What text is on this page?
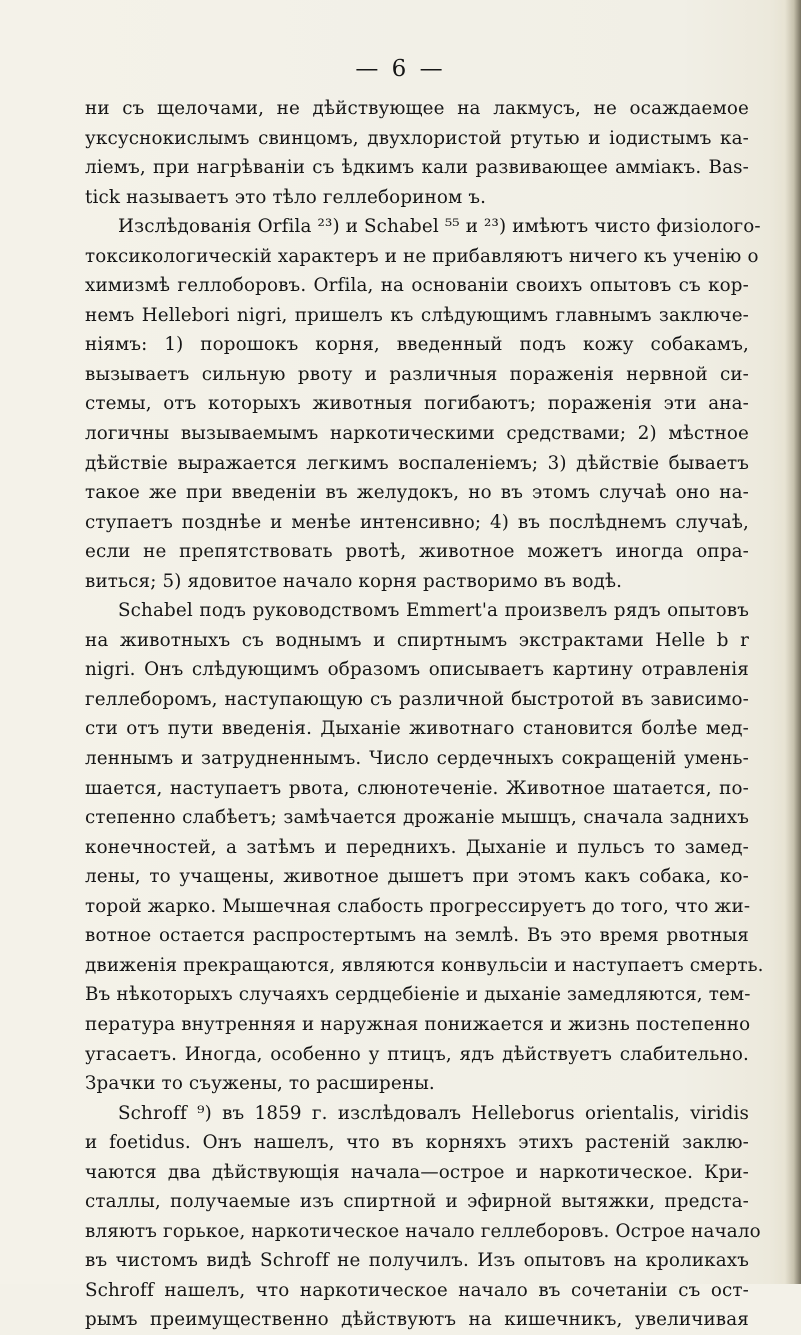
— 6 —
ни съ щелочами, не дѣйствующее на лакмусъ, не осаждаемое
уксуснокислымъ свинцомъ, двухлористой ртутью и іодистымъ ка-
ліемъ, при нагрѣваніи съ ѣдкимъ кали развивающее амміакъ. Bas-
tick называетъ это тѣло геллеборином ъ.
Изслѣдованія Orfila ²³) и Schabel ⁵⁵ и ²³) имѣютъ чисто физіолого-
токсикологическій характеръ и не прибавляютъ ничего къ ученію о
химизмѣ геллоборовъ. Orfila, на основаніи своихъ опытовъ съ кор-
немъ Helleborі nigri, пришелъ къ слѣдующимъ главнымъ заключе-
ніямъ: 1) порошокъ корня, введенный подъ кожу собакамъ,
вызываетъ сильную рвоту и различныя пораженія нервной си-
стемы, отъ которыхъ животныя погибаютъ; пораженія эти ана-
логичны вызываемымъ наркотическими средствами; 2) мѣстное
дѣйствіе выражается легкимъ воспаленіемъ; 3) дѣйствіе бываетъ
такое же при введеніи въ желудокъ, но въ этомъ случаѣ оно на-
ступаетъ позднѣе и менѣе интенсивно; 4) въ послѣднемъ случаѣ,
если не препятствовать рвотѣ, животное можетъ иногда опра-
виться; 5) ядовитое начало корня растворимо въ водѣ.
Schabel подъ руководствомъ Emmert'a произвелъ рядъ опытовъ
на животныхъ съ воднымъ и спиртнымъ экстрактами Helle b r
nigri. Онъ слѣдующимъ образомъ описываетъ картину отравленія
геллеборомъ, наступающую съ различной быстротой въ зависимо-
сти отъ пути введенія. Дыханіе животнаго становится болѣе мед-
леннымъ и затрудненнымъ. Число сердечныхъ сокращеній умень-
шается, наступаетъ рвота, слюнотеченіе. Животное шатается, по-
степенно слабѣетъ; замѣчается дрожаніе мышцъ, сначала заднихъ
конечностей, а затѣмъ и переднихъ. Дыханіе и пульсъ то замед-
лены, то учащены, животное дышетъ при этомъ какъ собака, ко-
торой жарко. Мышечная слабость прогрессируетъ до того, что жи-
вотное остается распростертымъ на землѣ. Въ это время рвотныя
движенія прекращаются, являются конвульсіи и наступаетъ смерть.
Въ нѣкоторыхъ случаяхъ сердцебіеніе и дыханіе замедляются, тем-
пература внутренняя и наружная понижается и жизнь постепенно
угасаетъ. Иногда, особенно у птицъ, ядъ дѣйствуетъ слабительно.
Зрачки то съужены, то расширены.
Schroff ⁹) въ 1859 г. изслѣдовалъ Helleborus orientalis, viridis
и foetidus. Онъ нашелъ, что въ корняхъ этихъ растеній заклю-
чаются два дѣйствующія начала—острое и наркотическое. Кри-
сталлы, получаемые изъ спиртной и эфирной вытяжки, предста-
вляютъ горькое, наркотическое начало геллеборовъ. Острое начало
въ чистомъ видѣ Schroff не получилъ. Изъ опытовъ на кроликахъ
Schroff нашелъ, что наркотическое начало въ сочетаніи съ ост-
рымъ преимущественно дѣйствуютъ на кишечникъ, увеличивая
